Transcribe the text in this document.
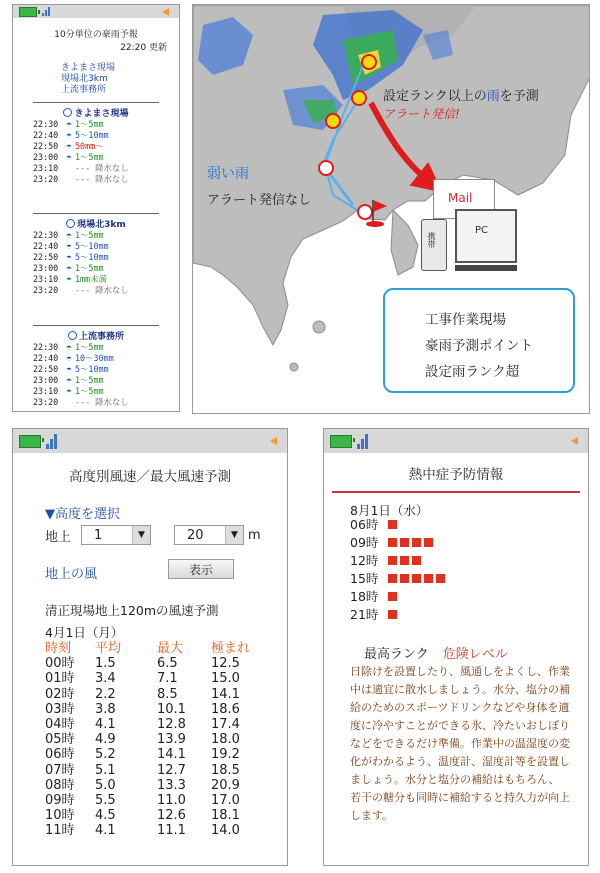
10分単位の豪雨予報
22:20 更新
きよまさ現場
現場北3km
上流事務所
きよまさ現場
22:30 ☂ 1～5mm
22:40 ☂ 5～10mm
22:50 ☂ 50mm～
23:00 ☂ 1～5mm
23:10	--- 降水なし
23:20	--- 降水なし
現場北3km
22:30 ☂ 1～5mm
22:40 ☂ 5～10mm
22:50 ☂ 5～10mm
23:00 ☂ 1～5mm
23:10 ☂ 1mm未満
23:20	--- 降水なし
上流事務所
22:30 ☂ 1～5mm
22:40 ☂ 10～30mm
22:50 ☂ 5～10mm
23:00 ☂ 1～5mm
23:10 ☂ 1～5mm
23:20	--- 降水なし
設定ランク以上の雨を予測
アラート発信!
弱い雨
アラート発信なし	Mail
携帯
PC
工事作業現場
豪雨予測ポイント
設定雨ランク超
高度別風速／最大風速予測
▼高度を選択
地上 1	▼	20	▼ m
地上の風	表示
清正現場地上120mの風速予測
4月1日（月）
時刻	平均	最大	極まれ
00時	1.5	6.5	12.5
01時	3.4	7.1	15.0
02時	2.2	8.5	14.1
03時	3.8	10.1	18.6
04時	4.1	12.8	17.4
05時	4.9	13.9	18.0
06時	5.2	14.1	19.2
07時	5.1	12.7	18.5
08時	5.0	13.3	20.9
09時	5.5	11.0	17.0
10時	4.5	12.6	18.1
11時	4.1	11.1	14.0
熱中症予防情報
8月1日（水）
06時
09時
12時
15時
18時
21時
最高ランク 危険レベル
日除けを設置したり、風通しをよくし、作業中は適宜に散水しましょう。水分、塩分の補給のためのスポーツドリンクなどや身体を適度に冷やすことができる氷、冷たいおしぼりなどをできるだけ準備。作業中の温湿度の変化がわかるよう、温度計、湿度計等を設置しましょう。水分と塩分の補給はもちろん、若干の糖分も同時に補給すると持久力が向上します。
